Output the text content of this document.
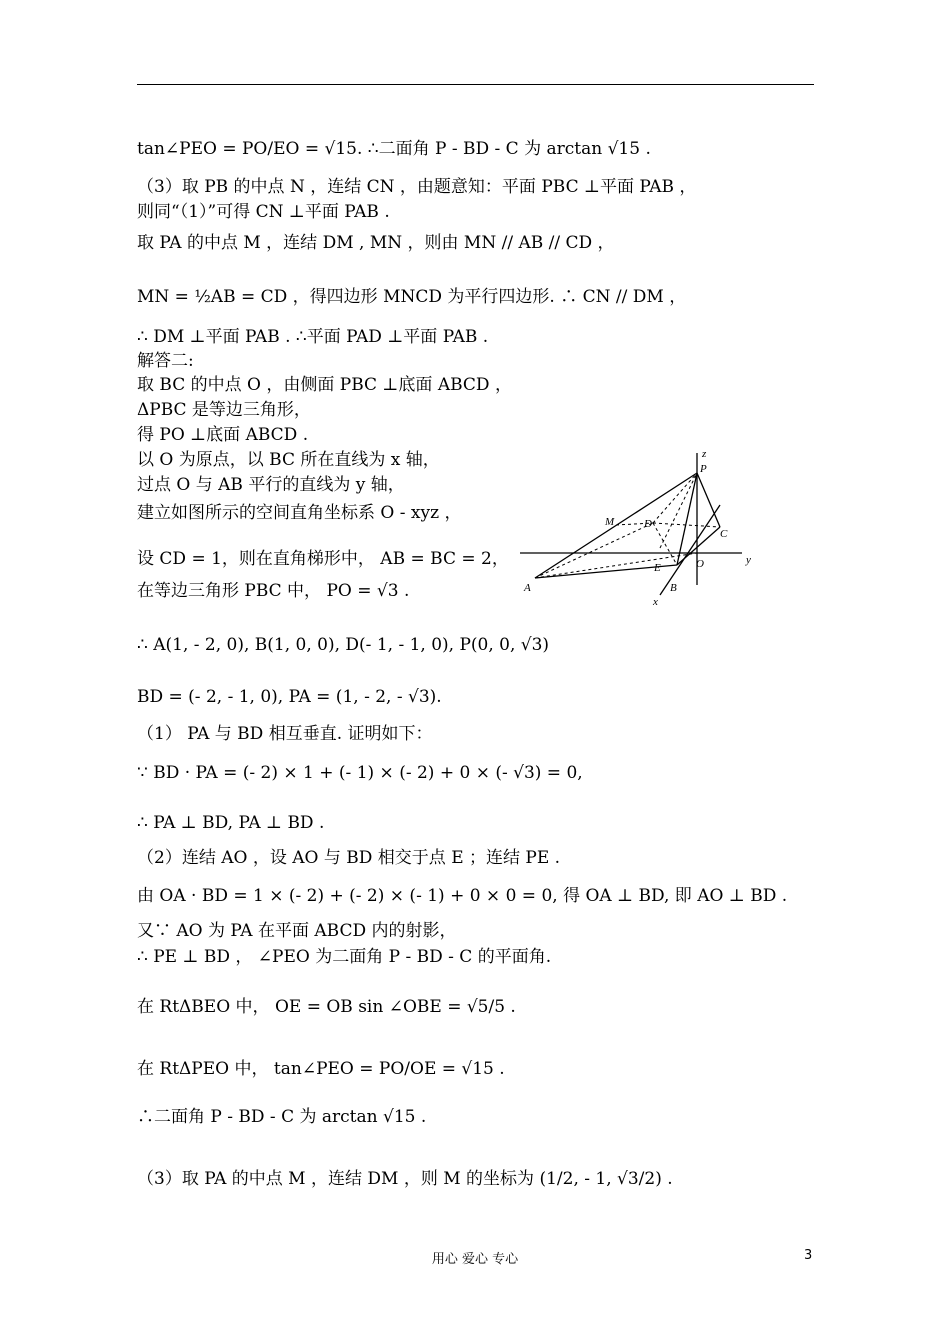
tan∠PEO = PO/EO = √15. ∴二面角 P - BD - C 为 arctan √15 .
（3）取 PB 的中点 N ，连结 CN ，由题意知：平面 PBC ⊥平面 PAB ，
则同“（1）”可得 CN ⊥平面 PAB .
取 PA 的中点 M ，连结 DM , MN ，则由 MN // AB // CD ，
MN = ½AB = CD ，得四边形 MNCD 为平行四边形. ∴ CN // DM ，
∴ DM ⊥平面 PAB . ∴平面 PAD ⊥平面 PAB .
解答二:
取 BC 的中点 O ，由侧面 PBC ⊥底面 ABCD ，
ΔPBC 是等边三角形，
得 PO ⊥底面 ABCD .
以 O 为原点，以 BC 所在直线为 x 轴，
过点 O 与 AB 平行的直线为 y 轴，
建立如图所示的空间直角坐标系 O - xyz ，
设 CD = 1，则在直角梯形中， AB = BC = 2，
在等边三角形 PBC 中， PO = √3 .
∴ A(1, - 2, 0), B(1, 0, 0), D(- 1, - 1, 0), P(0, 0, √3)
BD = (- 2, - 1, 0), PA = (1, - 2, - √3).
（1） PA 与 BD 相互垂直. 证明如下：
∵ BD · PA = (- 2) × 1 + (- 1) × (- 2) + 0 × (- √3) = 0,
∴ PA ⊥ BD, PA ⊥ BD .
（2）连结 AO ，设 AO 与 BD 相交于点 E ；连结 PE .
由 OA · BD = 1 × (- 2) + (- 2) × (- 1) + 0 × 0 = 0, 得 OA ⊥ BD, 即 AO ⊥ BD .
又∵ AO 为 PA 在平面 ABCD 内的射影，
∴ PE ⊥ BD ， ∠PEO 为二面角 P - BD - C 的平面角.
在 RtΔBEO 中， OE = OB sin ∠OBE = √5/5 .
在 RtΔPEO 中， tan∠PEO = PO/OE = √15 .
∴二面角 P - BD - C 为 arctan √15 .
（3）取 PA 的中点 M ，连结 DM ，则 M 的坐标为 (1/2, - 1, √3/2) .
z
P
M	D
C
y
E	O
A	B
x
用心 爱心 专心	3
